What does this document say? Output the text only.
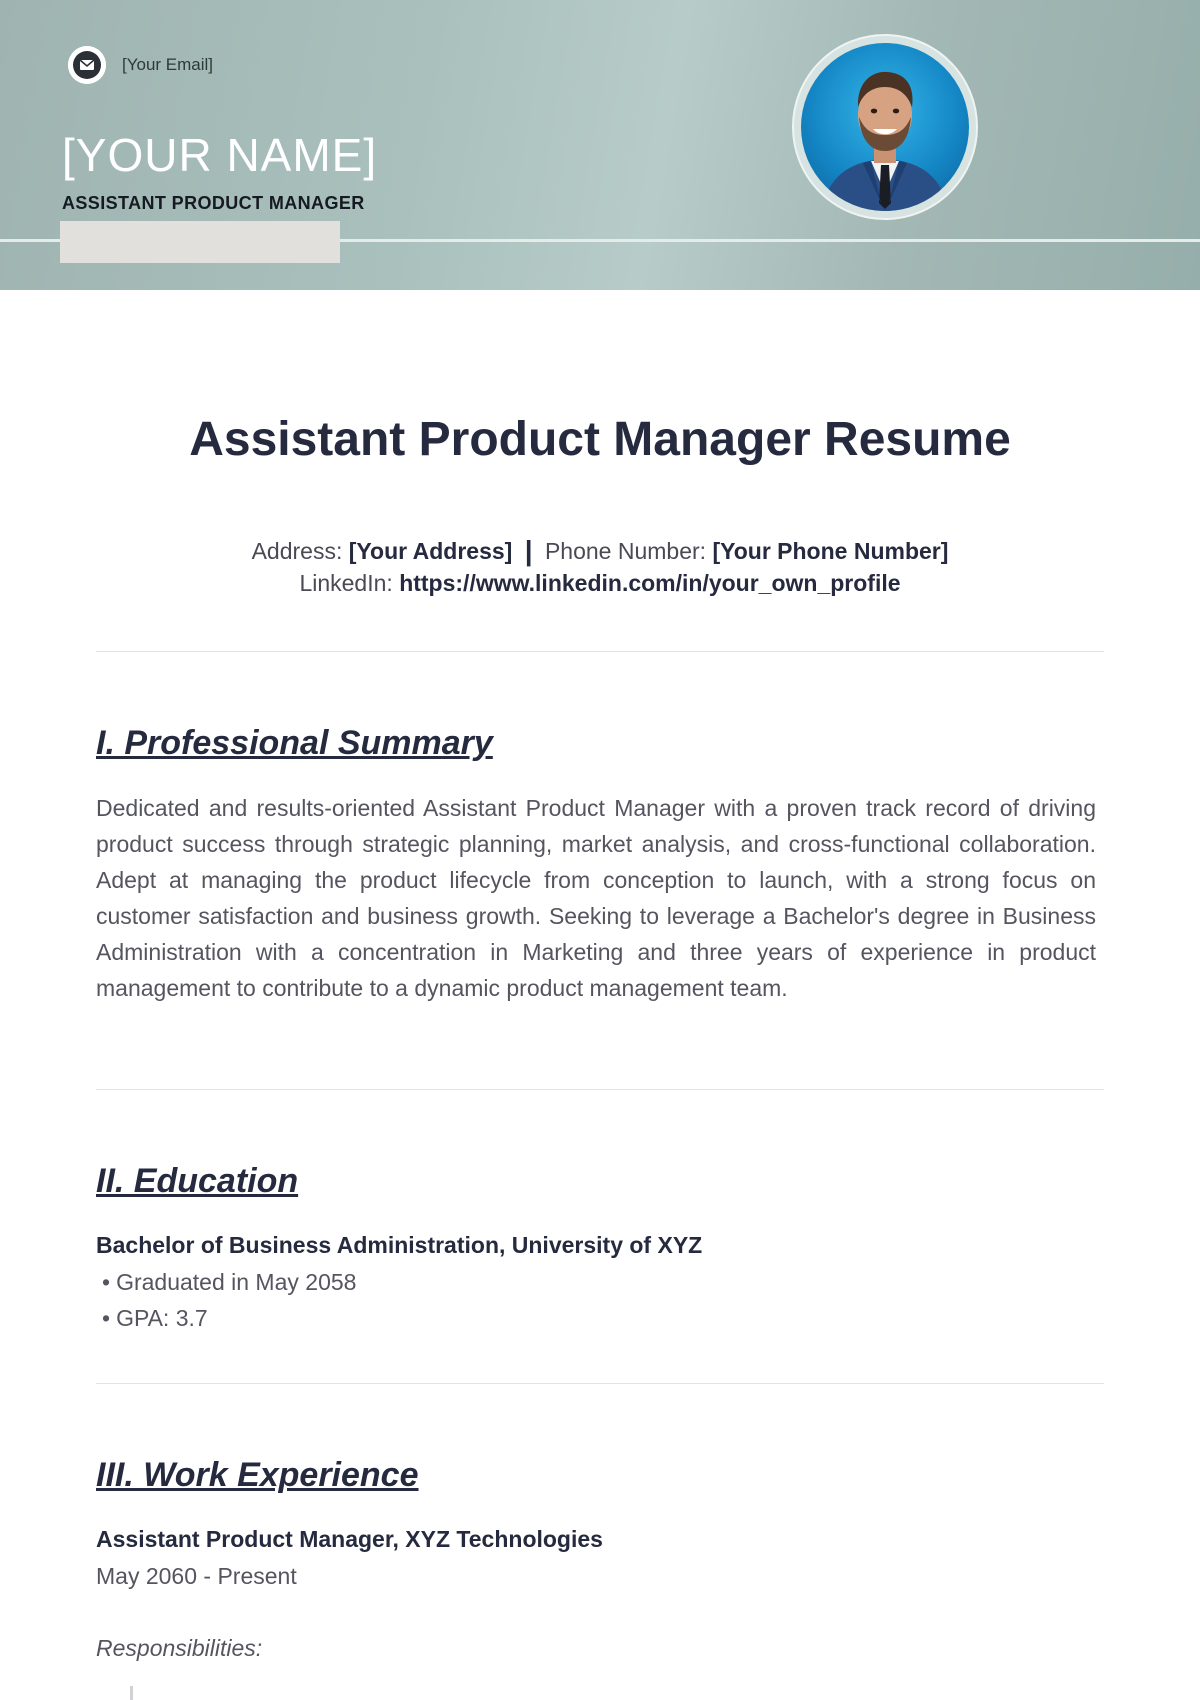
[Your Email]
[YOUR NAME]
ASSISTANT PRODUCT MANAGER
Assistant Product Manager Resume
Address: [Your Address] | Phone Number: [Your Phone Number]
LinkedIn: https://www.linkedin.com/in/your_own_profile
I. Professional Summary

Dedicated and results-oriented Assistant Product Manager with a proven track record of driving product success through strategic planning, market analysis, and cross-functional collaboration. Adept at managing the product lifecycle from conception to launch, with a strong focus on customer satisfaction and business growth. Seeking to leverage a Bachelor's degree in Business Administration with a concentration in Marketing and three years of experience in product management to contribute to a dynamic product management team.

II. Education
Bachelor of Business Administration, University of XYZ
• Graduated in May 2058
• GPA: 3.7
III. Work Experience
Assistant Product Manager, XYZ Technologies
May 2060 - Present
Responsibilities:
